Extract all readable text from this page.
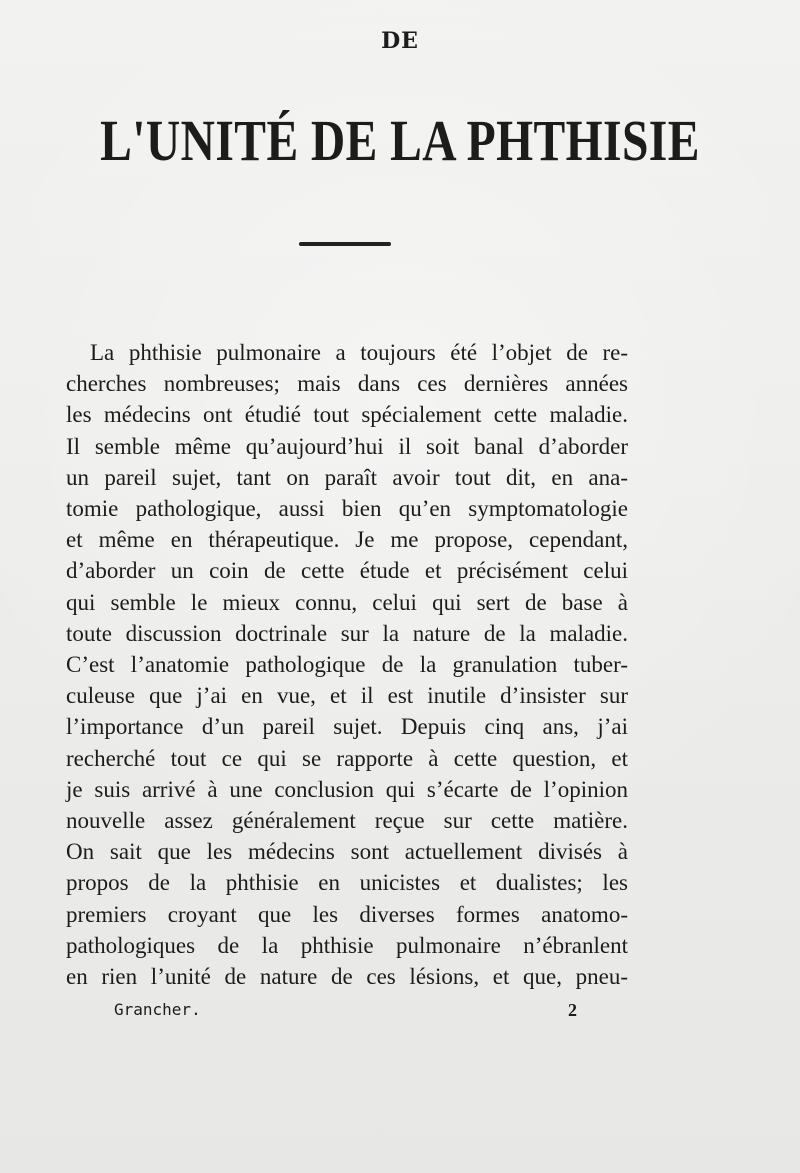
DE
L'UNITÉ DE LA PHTHISIE
La phthisie pulmonaire a toujours été l’objet de re-
cherches nombreuses; mais dans ces dernières années
les médecins ont étudié tout spécialement cette maladie.
Il semble même qu’aujourd’hui il soit banal d’aborder
un pareil sujet, tant on paraît avoir tout dit, en ana-
tomie pathologique, aussi bien qu’en symptomatologie
et même en thérapeutique. Je me propose, cependant,
d’aborder un coin de cette étude et précisément celui
qui semble le mieux connu, celui qui sert de base à
toute discussion doctrinale sur la nature de la maladie.
C’est l’anatomie pathologique de la granulation tuber-
culeuse que j’ai en vue, et il est inutile d’insister sur
l’importance d’un pareil sujet. Depuis cinq ans, j’ai
recherché tout ce qui se rapporte à cette question, et
je suis arrivé à une conclusion qui s’écarte de l’opinion
nouvelle assez généralement reçue sur cette matière.
On sait que les médecins sont actuellement divisés à
propos de la phthisie en unicistes et dualistes; les
premiers croyant que les diverses formes anatomo-
pathologiques de la phthisie pulmonaire n’ébranlent
en rien l’unité de nature de ces lésions, et que, pneu-
Grancher.	2
